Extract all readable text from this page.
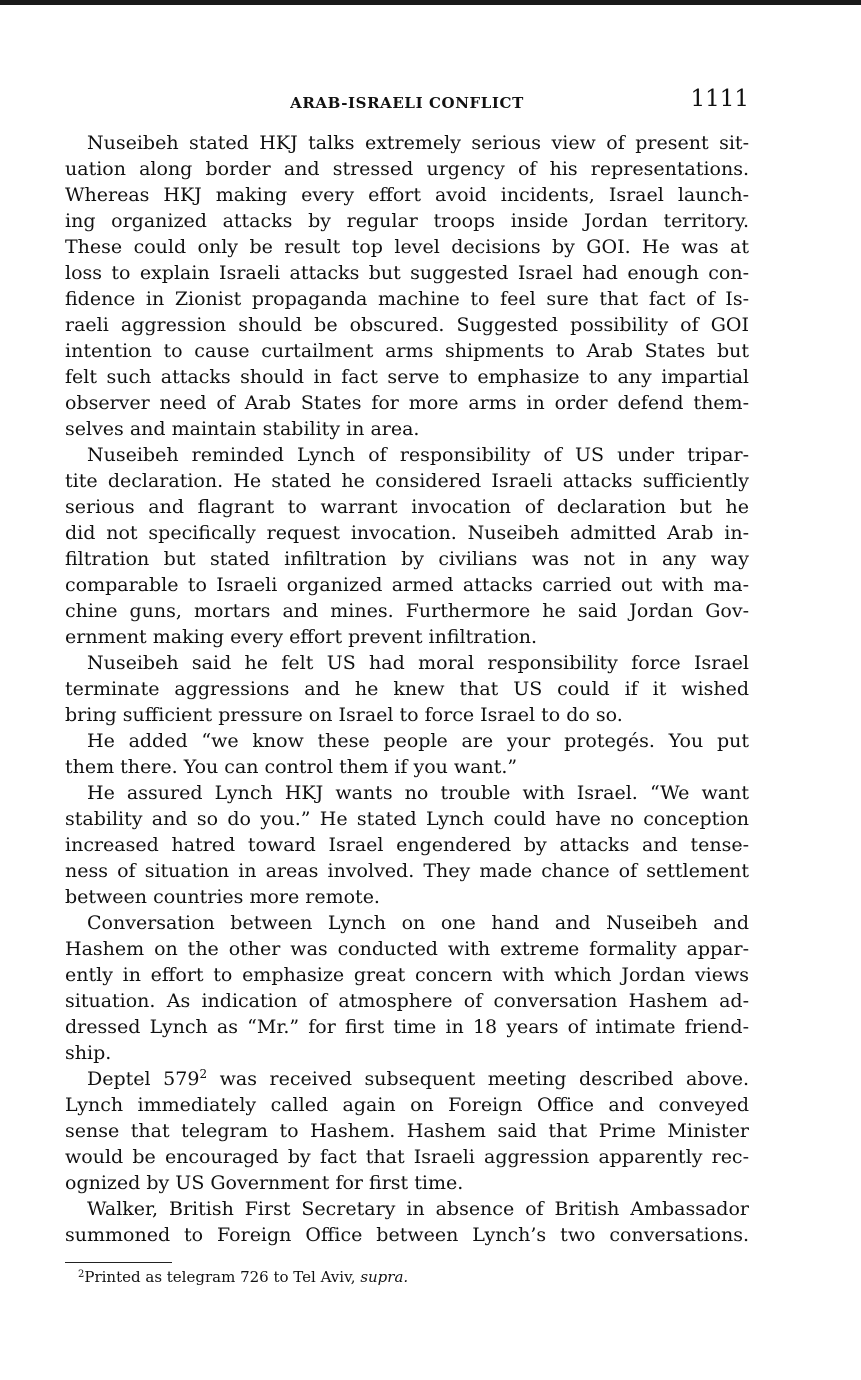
ARAB-ISRAELI CONFLICT	1111
Nuseibeh stated HKJ talks extremely serious view of present sit-
uation along border and stressed urgency of his representations.
Whereas HKJ making every effort avoid incidents, Israel launch-
ing organized attacks by regular troops inside Jordan territory.
These could only be result top level decisions by GOI. He was at
loss to explain Israeli attacks but suggested Israel had enough con-
fidence in Zionist propaganda machine to feel sure that fact of Is-
raeli aggression should be obscured. Suggested possibility of GOI
intention to cause curtailment arms shipments to Arab States but
felt such attacks should in fact serve to emphasize to any impartial
observer need of Arab States for more arms in order defend them-
selves and maintain stability in area.
Nuseibeh reminded Lynch of responsibility of US under tripar-
tite declaration. He stated he considered Israeli attacks sufficiently
serious and flagrant to warrant invocation of declaration but he
did not specifically request invocation. Nuseibeh admitted Arab in-
filtration but stated infiltration by civilians was not in any way
comparable to Israeli organized armed attacks carried out with ma-
chine guns, mortars and mines. Furthermore he said Jordan Gov-
ernment making every effort prevent infiltration.
Nuseibeh said he felt US had moral responsibility force Israel
terminate aggressions and he knew that US could if it wished
bring sufficient pressure on Israel to force Israel to do so.
He added “we know these people are your protegés. You put
them there. You can control them if you want.”
He assured Lynch HKJ wants no trouble with Israel. “We want
stability and so do you.” He stated Lynch could have no conception
increased hatred toward Israel engendered by attacks and tense-
ness of situation in areas involved. They made chance of settlement
between countries more remote.
Conversation between Lynch on one hand and Nuseibeh and
Hashem on the other was conducted with extreme formality appar-
ently in effort to emphasize great concern with which Jordan views
situation. As indication of atmosphere of conversation Hashem ad-
dressed Lynch as “Mr.” for first time in 18 years of intimate friend-
ship.
Deptel $579^2$ was received subsequent meeting described above.
Lynch immediately called again on Foreign Office and conveyed
sense that telegram to Hashem. Hashem said that Prime Minister
would be encouraged by fact that Israeli aggression apparently rec-
ognized by US Government for first time.
Walker, British First Secretary in absence of British Ambassador
summoned to Foreign Office between Lynch’s two conversations.
$^2$Printed as telegram 726 to Tel Aviv, supra.
